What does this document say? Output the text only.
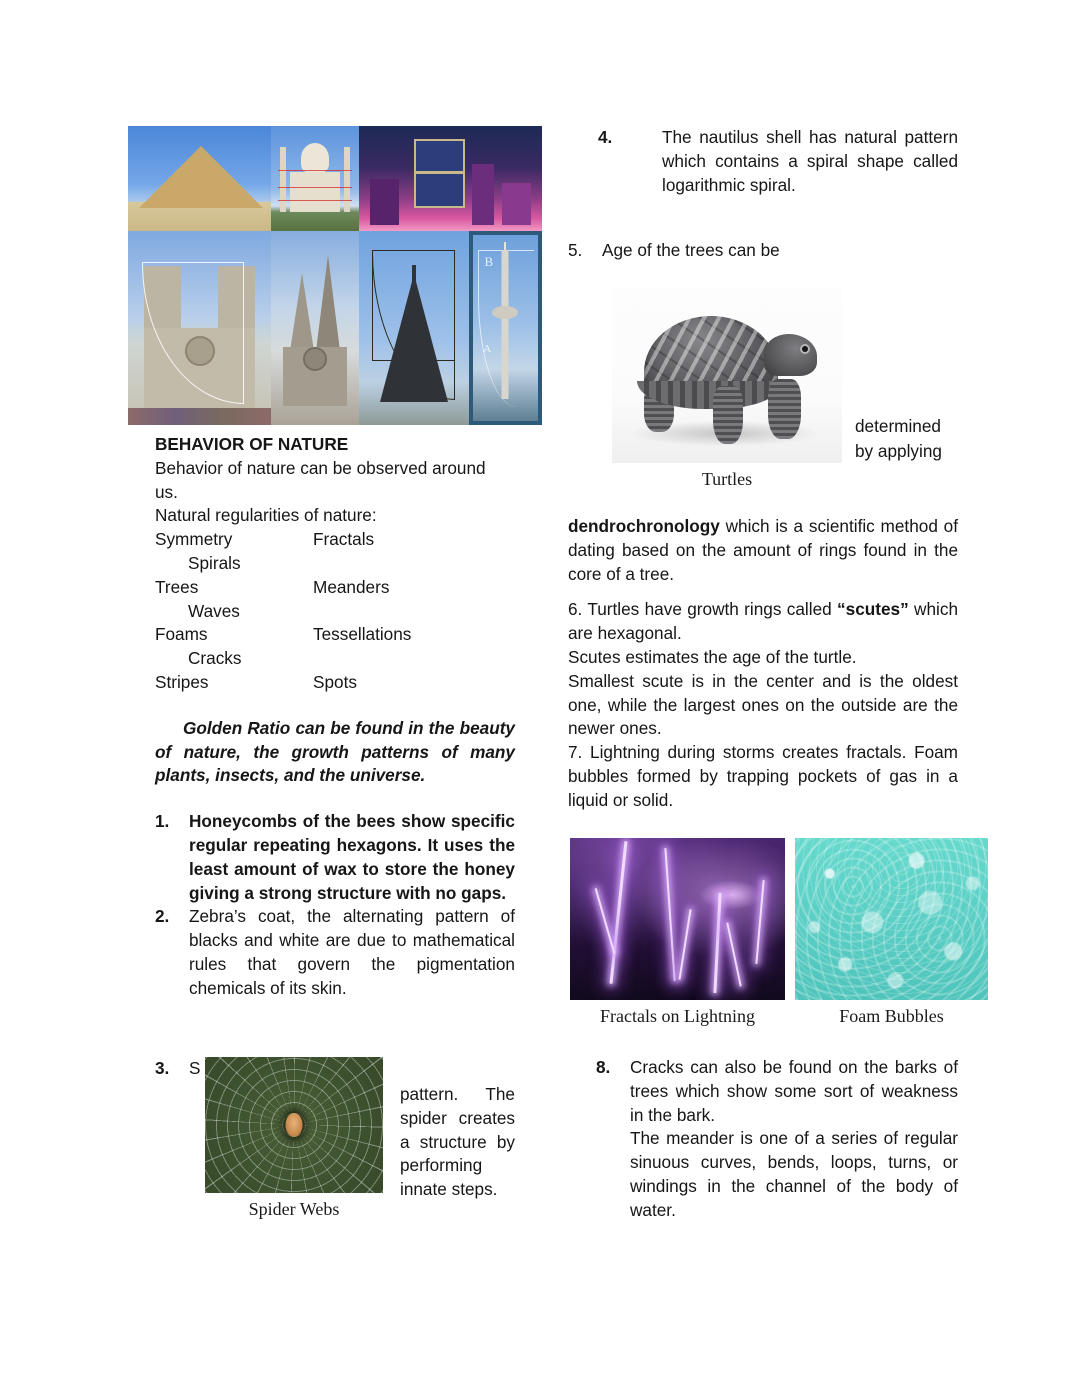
B
A
BEHAVIOR OF NATURE
Behavior of nature can be observed around
us.
Natural regularities of nature:
Symmetry	Fractals
Spirals
Trees	Meanders
Waves
Foams	Tessellations
Cracks
Stripes	Spots
Golden Ratio can be found in the beauty of nature, the growth patterns of many plants, insects, and the universe.
1.	Honeycombs of the bees show specific regular repeating hexagons. It uses the least amount of wax to store the honey giving a strong structure with no gaps.
2.	Zebra’s coat, the alternating pattern of blacks and white are due to mathematical rules that govern the pigmentation chemicals of its skin.
3. S
pattern. The spider creates a structure by performing innate steps.
Spider Webs
4.	The nautilus shell has natural pattern which contains a spiral shape called logarithmic spiral.
5.	Age of the trees can be
Turtles
determined
by applying

dendrochronology which is a scientific method of dating based on the amount of rings found in the core of a tree.

6. Turtles have growth rings called “scutes” which are hexagonal.

Scutes estimates the age of the turtle.
Smallest scute is in the center and is the oldest one, while the largest ones on the outside are the newer ones.
7. Lightning during storms creates fractals. Foam bubbles formed by trapping pockets of gas in a liquid or solid.
Fractals on Lightning	Foam Bubbles
8.	Cracks can also be found on the barks of trees which show some sort of weakness in the bark.
The meander is one of a series of regular sinuous curves, bends, loops, turns, or windings in the channel of the body of water.
